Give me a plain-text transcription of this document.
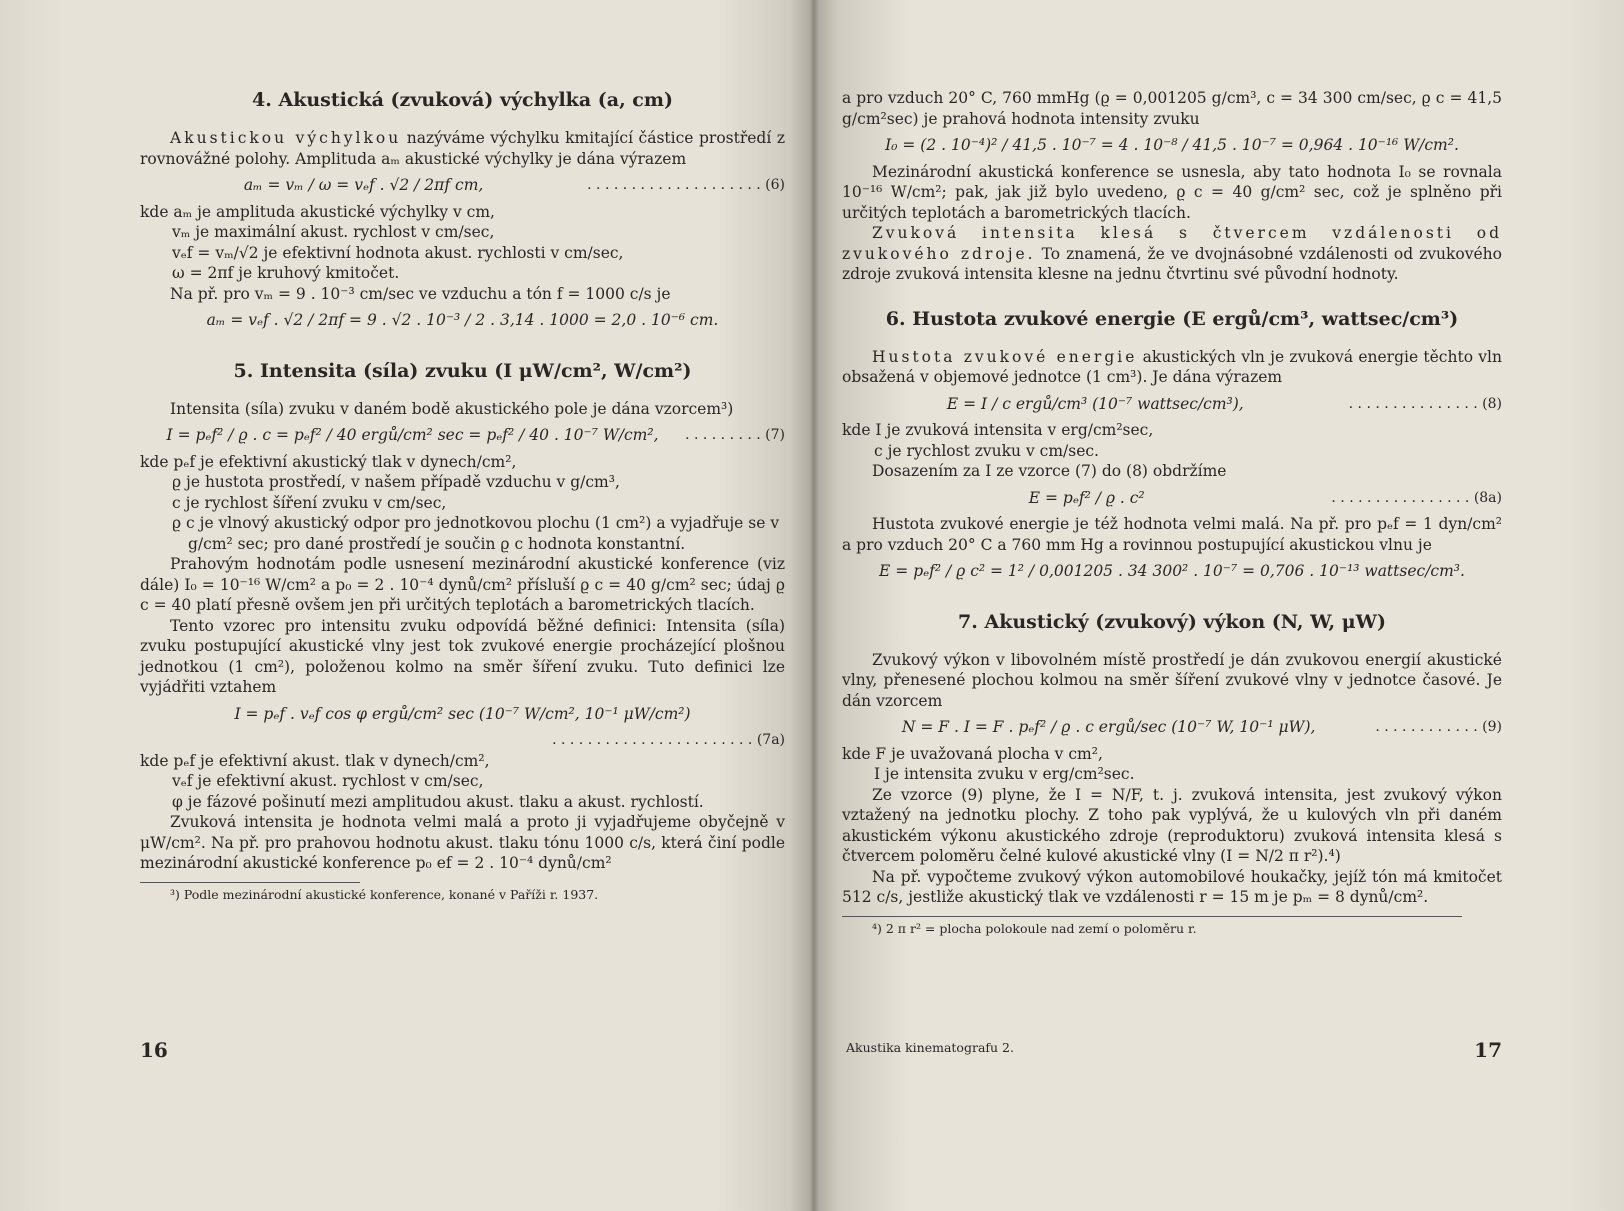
4. Akustická (zvuková) výchylka (a, cm)

Akustickou výchylkou nazýváme výchylku kmitající částice prostředí z rovnovážné polohy. Amplituda aₘ akustické výchylky je dána výrazem

aₘ = vₘ / ω = vₑf . √2 / 2πf cm,	. . . . . . . . . . . . . . . . . . . . (6)
kde aₘ je amplituda akustické výchylky v cm,
vₘ je maximální akust. rychlost v cm/sec,
vₑf = vₘ/√2 je efektivní hodnota akust. rychlosti v cm/sec,
ω = 2πf je kruhový kmitočet.

Na př. pro vₘ = 9 . 10⁻³ cm/sec ve vzduchu a tón f = 1000 c/s je

aₘ = vₑf . √2 / 2πf = 9 . √2 . 10⁻³ / 2 . 3,14 . 1000 = 2,0 . 10⁻⁶ cm.
5. Intensita (síla) zvuku (I μW/cm², W/cm²)

Intensita (síla) zvuku v daném bodě akustického pole je dána vzorcem³)

I = pₑf² / ϱ . c = pₑf² / 40 ergů/cm² sec = pₑf² / 40 . 10⁻⁷ W/cm²,	. . . . . . . . . (7)
kde pₑf je efektivní akustický tlak v dynech/cm²,
ϱ je hustota prostředí, v našem případě vzduchu v g/cm³,
c je rychlost šíření zvuku v cm/sec,
ϱ c je vlnový akustický odpor pro jednotkovou plochu (1 cm²) a vyjadřuje se v g/cm² sec; pro dané prostředí je součin ϱ c hodnota konstantní.

Prahovým hodnotám podle usnesení mezinárodní akustické konference (viz dále) I₀ = 10⁻¹⁶ W/cm² a p₀ = 2 . 10⁻⁴ dynů/cm² přísluší ϱ c = 40 g/cm² sec; údaj ϱ c = 40 platí přesně ovšem jen při určitých teplotách a barometrických tlacích.

Tento vzorec pro intensitu zvuku odpovídá běžné definici: Intensita (síla) zvuku postupující akustické vlny jest tok zvukové energie procházející plošnou jednotkou (1 cm²), položenou kolmo na směr šíření zvuku. Tuto definici lze vyjádřiti vztahem

I = pₑf . vₑf cos φ ergů/cm² sec (10⁻⁷ W/cm², 10⁻¹ μW/cm²)
. . . . . . . . . . . . . . . . . . . . . . . (7a)
kde pₑf je efektivní akust. tlak v dynech/cm²,
vₑf je efektivní akust. rychlost v cm/sec,
φ je fázové pošinutí mezi amplitudou akust. tlaku a akust. rychlostí.

Zvuková intensita je hodnota velmi malá a proto ji vyjadřujeme obyčejně v μW/cm². Na př. pro prahovou hodnotu akust. tlaku tónu 1000 c/s, která činí podle mezinárodní akustické konference p₀ ef = 2 . 10⁻⁴ dynů/cm²

³) Podle mezinárodní akustické konference, konané v Paříži r. 1937.

16

a pro vzduch 20° C, 760 mmHg (ϱ = 0,001205 g/cm³, c = 34 300 cm/sec, ϱ c = 41,5 g/cm²sec) je prahová hodnota intensity zvuku

I₀ = (2 . 10⁻⁴)² / 41,5 . 10⁻⁷ = 4 . 10⁻⁸ / 41,5 . 10⁻⁷ = 0,964 . 10⁻¹⁶ W/cm².

Mezinárodní akustická konference se usnesla, aby tato hodnota I₀ se rovnala 10⁻¹⁶ W/cm²; pak, jak již bylo uvedeno, ϱ c = 40 g/cm² sec, což je splněno při určitých teplotách a barometrických tlacích.

Zvuková intensita klesá s čtvercem vzdálenosti od zvukového zdroje. To znamená, že ve dvojnásobné vzdálenosti od zvukového zdroje zvuková intensita klesne na jednu čtvrtinu své původní hodnoty.

6. Hustota zvukové energie (E ergů/cm³, wattsec/cm³)

Hustota zvukové energie akustických vln je zvuková energie těchto vln obsažená v objemové jednotce (1 cm³). Je dána výrazem

E = I / c ergů/cm³ (10⁻⁷ wattsec/cm³),	. . . . . . . . . . . . . . . (8)
kde I je zvuková intensita v erg/cm²sec,
c je rychlost zvuku v cm/sec.

Dosazením za I ze vzorce (7) do (8) obdržíme

E = pₑf² / ϱ . c²	. . . . . . . . . . . . . . . . (8a)

Hustota zvukové energie je též hodnota velmi malá. Na př. pro pₑf = 1 dyn/cm² a pro vzduch 20° C a 760 mm Hg a rovinnou postupující akustickou vlnu je

E = pₑf² / ϱ c² = 1² / 0,001205 . 34 300² . 10⁻⁷ = 0,706 . 10⁻¹³ wattsec/cm³.
7. Akustický (zvukový) výkon (N, W, μW)

Zvukový výkon v libovolném místě prostředí je dán zvukovou energií akustické vlny, přenesené plochou kolmou na směr šíření zvukové vlny v jednotce časové. Je dán vzorcem

N = F . I = F . pₑf² / ϱ . c ergů/sec (10⁻⁷ W, 10⁻¹ μW),	. . . . . . . . . . . . (9)
kde F je uvažovaná plocha v cm²,
I je intensita zvuku v erg/cm²sec.

Ze vzorce (9) plyne, že I = N/F, t. j. zvuková intensita, jest zvukový výkon vztažený na jednotku plochy. Z toho pak vyplývá, že u kulových vln při daném akustickém výkonu akustického zdroje (reproduktoru) zvuková intensita klesá s čtvercem poloměru čelné kulové akustické vlny (I = N/2 π r²).⁴)

Na př. vypočteme zvukový výkon automobilové houkačky, jejíž tón má kmitočet 512 c/s, jestliže akustický tlak ve vzdálenosti r = 15 m je pₘ = 8 dynů/cm².

⁴) 2 π r² = plocha polokoule nad zemí o poloměru r.

Akustika kinematografu 2.	17
